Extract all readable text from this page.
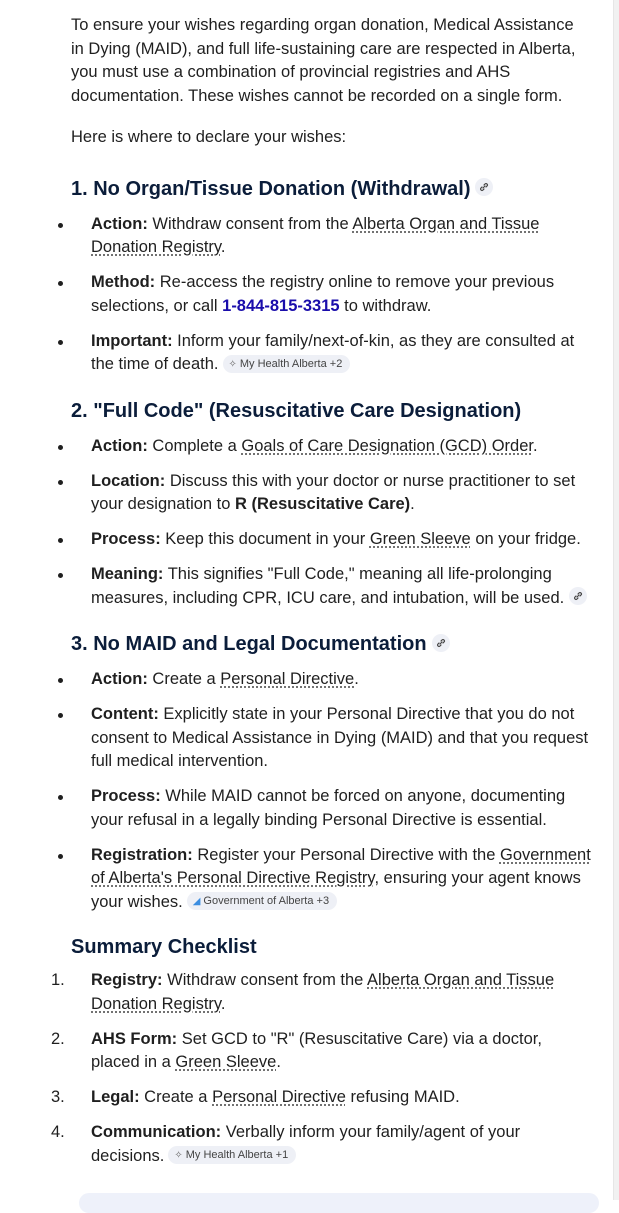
To ensure your wishes regarding organ donation, Medical Assistance in Dying (MAID), and full life-sustaining care are respected in Alberta, you must use a combination of provincial registries and AHS documentation. These wishes cannot be recorded on a single form.

Here is where to declare your wishes:

1. No Organ/Tissue Donation (Withdrawal)
Action: Withdraw consent from the Alberta Organ and Tissue Donation Registry.
Method: Re-access the registry online to remove your previous selections, or call 1-844-815-3315 to withdraw.
Important: Inform your family/next-of-kin, as they are consulted at the time of death. ✧ My Health Alberta +2
2. "Full Code" (Resuscitative Care Designation)
Action: Complete a Goals of Care Designation (GCD) Order.
Location: Discuss this with your doctor or nurse practitioner to set your designation to R (Resuscitative Care).
Process: Keep this document in your Green Sleeve on your fridge.
Meaning: This signifies "Full Code," meaning all life-prolonging measures, including CPR, ICU care, and intubation, will be used.
3. No MAID and Legal Documentation
Action: Create a Personal Directive.
Content: Explicitly state in your Personal Directive that you do not consent to Medical Assistance in Dying (MAID) and that you request full medical intervention.
Process: While MAID cannot be forced on anyone, documenting your refusal in a legally binding Personal Directive is essential.
Registration: Register your Personal Directive with the Government of Alberta's Personal Directive Registry, ensuring your agent knows your wishes. ◢ Government of Alberta +3
Summary Checklist
1. Registry: Withdraw consent from the Alberta Organ and Tissue Donation Registry.
2. AHS Form: Set GCD to "R" (Resuscitative Care) via a doctor, placed in a Green Sleeve.
3. Legal: Create a Personal Directive refusing MAID.
4. Communication: Verbally inform your family/agent of your decisions. ✧ My Health Alberta +1
